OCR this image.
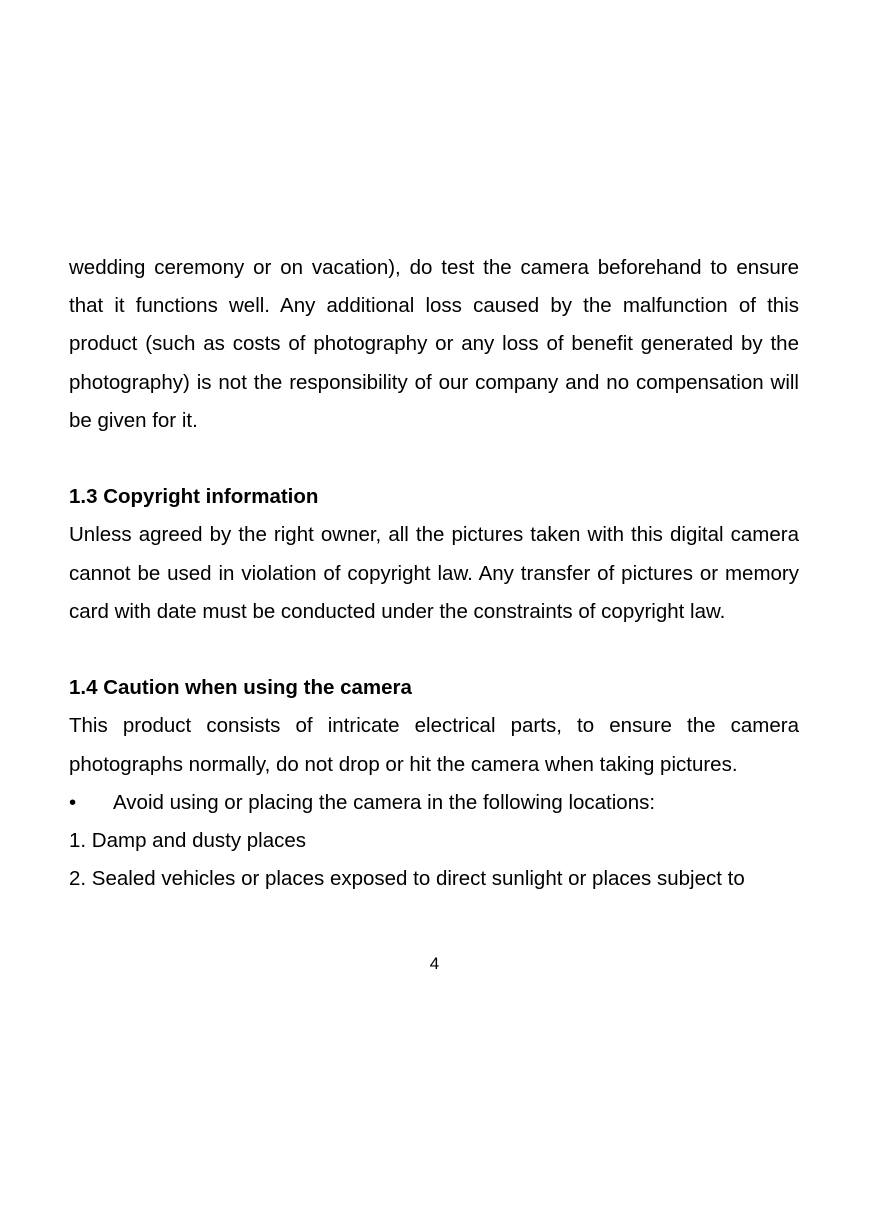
wedding ceremony or on vacation), do test the camera beforehand to ensure that it functions well. Any additional loss caused by the malfunction of this product (such as costs of photography or any loss of benefit generated by the photography) is not the responsibility of our company and no compensation will be given for it.

1.3 Copyright information

Unless agreed by the right owner, all the pictures taken with this digital camera cannot be used in violation of copyright law. Any transfer of pictures or memory card with date must be conducted under the constraints of copyright law.

1.4 Caution when using the camera

This product consists of intricate electrical parts, to ensure the camera photographs normally, do not drop or hit the camera when taking pictures.

•	Avoid using or placing the camera in the following locations:

1. Damp and dusty places

2. Sealed vehicles or places exposed to direct sunlight or places subject to

4
